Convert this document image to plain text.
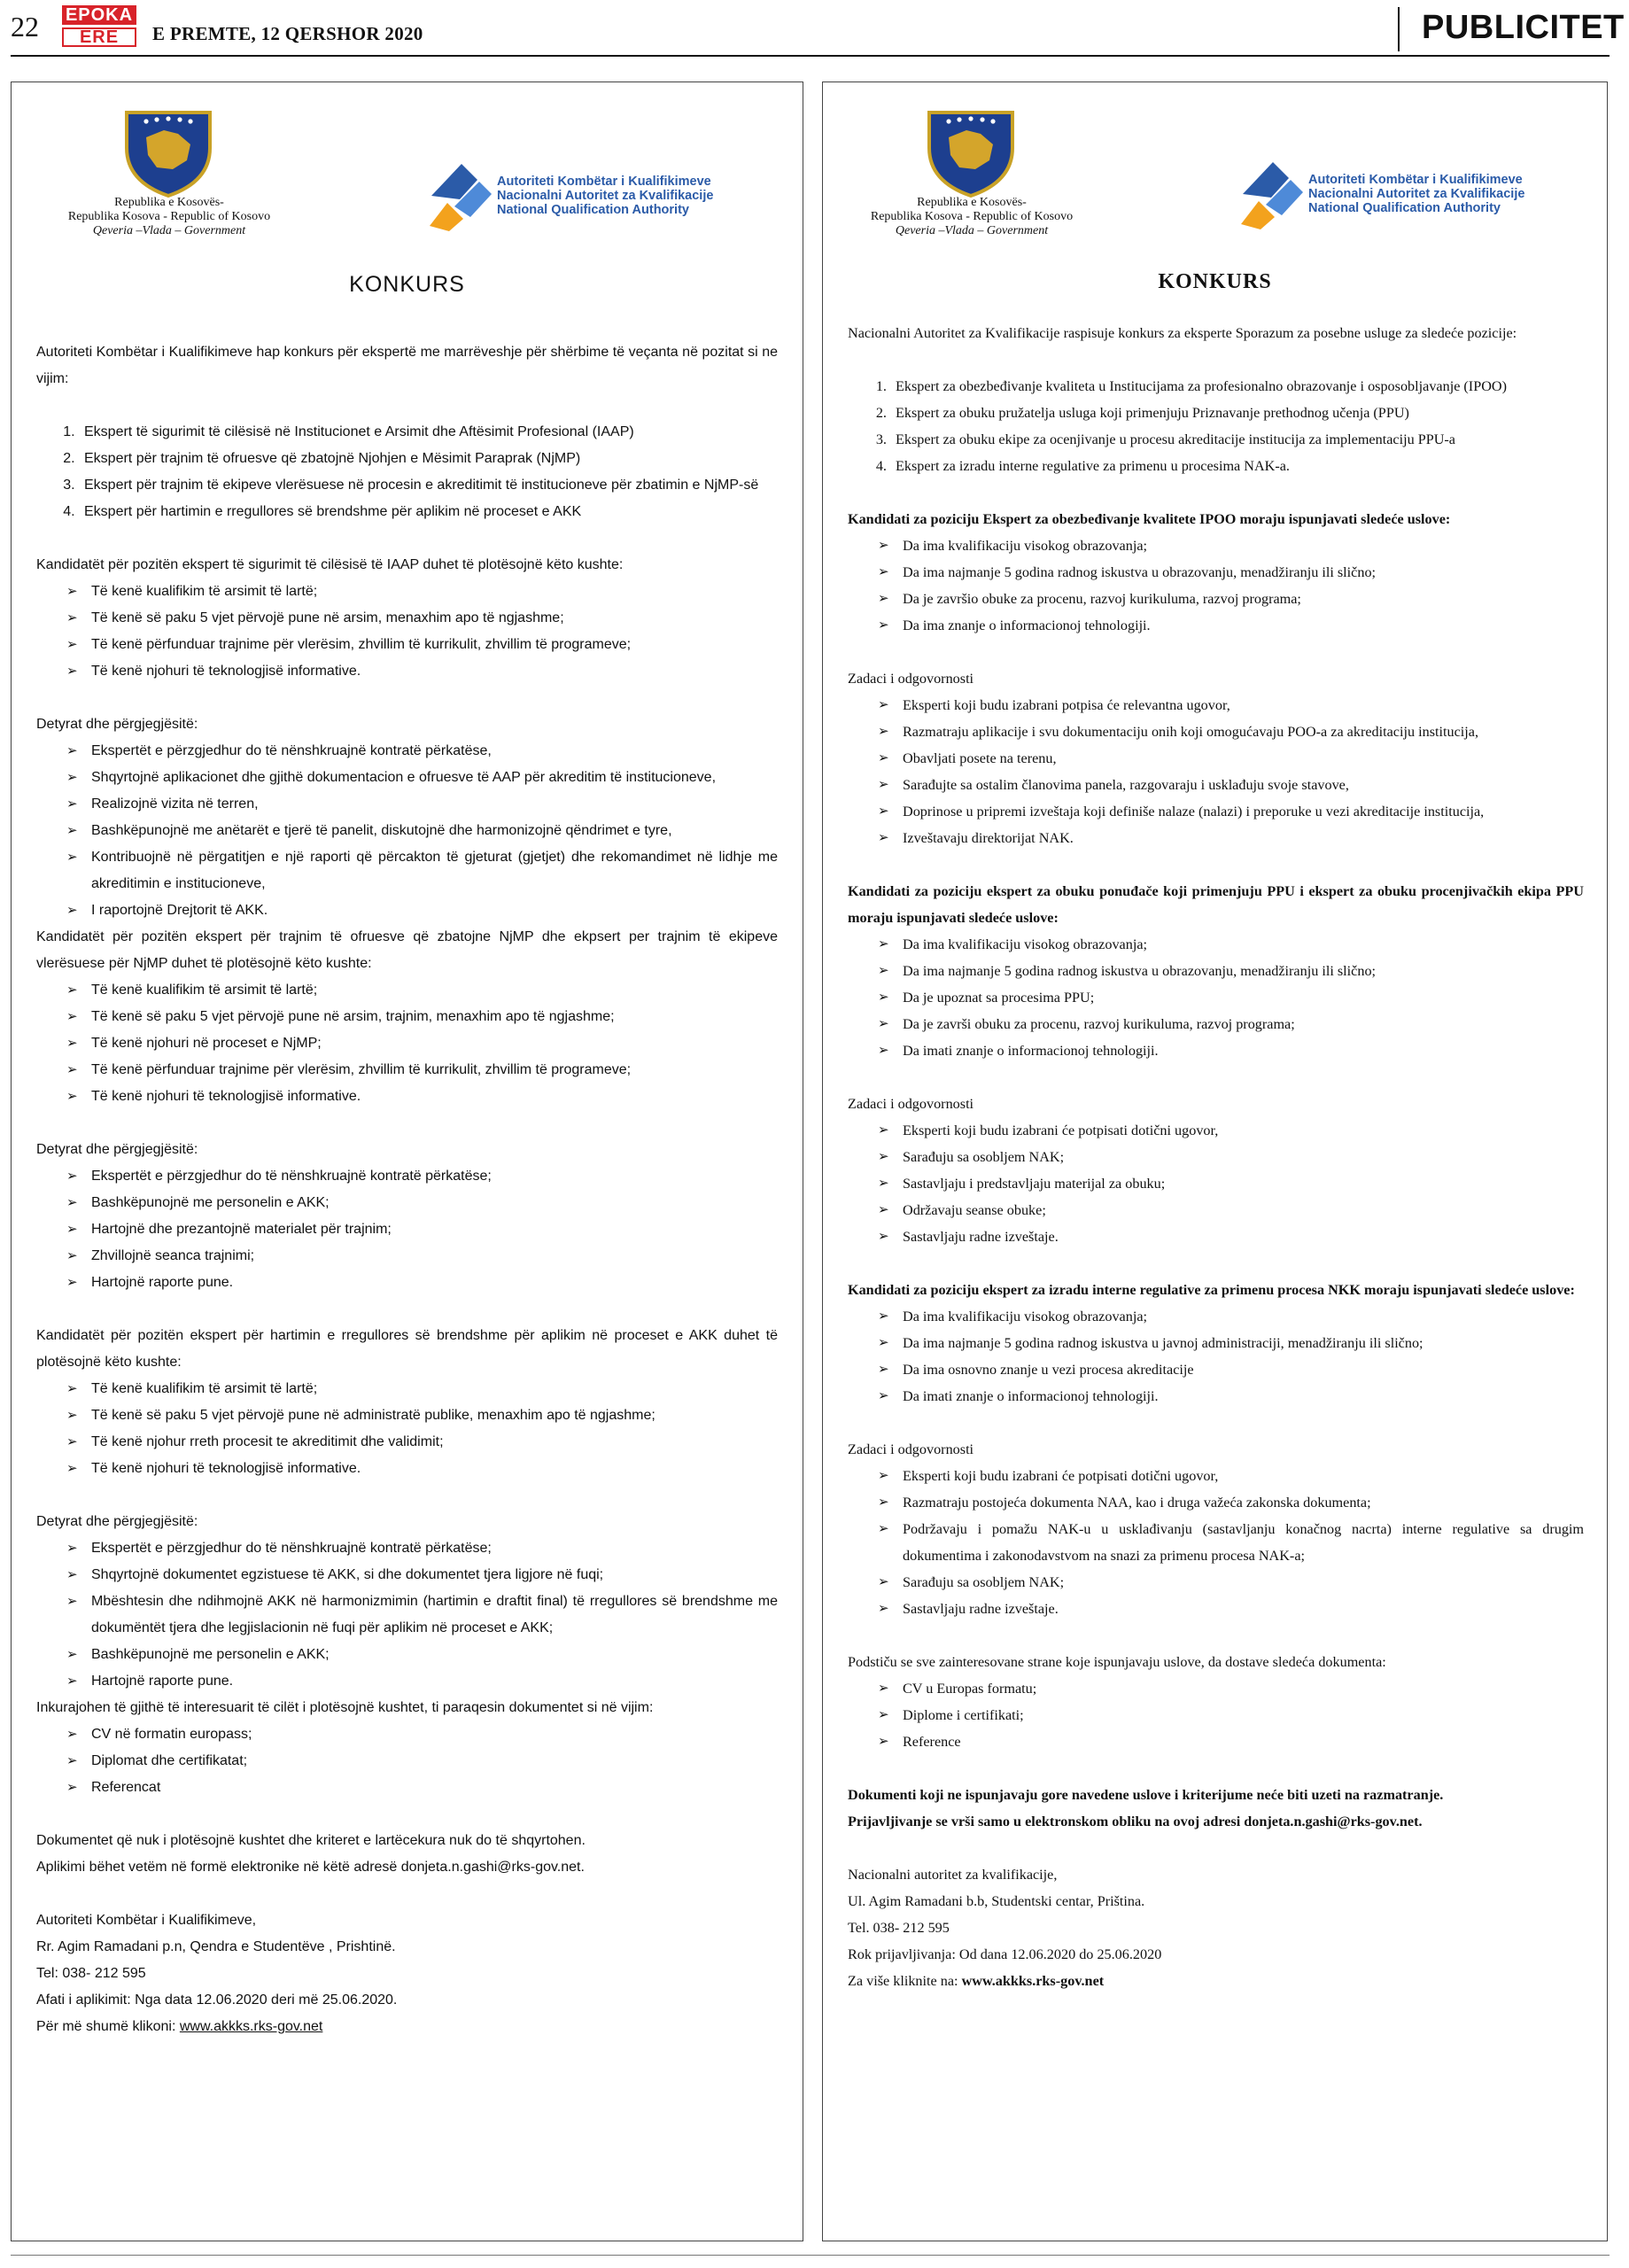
22 EPOKA
ERE	E PREMTE, 12 QERSHOR 2020	PUBLICITET
Republika e Kosovës-
Republika Kosova - Republic of Kosovo
Qeveria –Vlada – Government
Autoriteti Kombëtar i Kualifikimeve
Nacionalni Autoritet za Kvalifikacije
National Qualification Authority
KONKURS

Autoriteti Kombëtar i Kualifikimeve hap konkurs për ekspertë me marrëveshje për shërbime të veçanta në pozitat si ne vijim:

1. Ekspert të sigurimit të cilësisë në Institucionet e Arsimit dhe Aftësimit Profesional (IAAP)
2. Ekspert për trajnim të ofruesve që zbatojnë Njohjen e Mësimit Paraprak (NjMP)
3. Ekspert për trajnim të ekipeve vlerësuese në procesin e akreditimit të institucioneve për zbatimin e NjMP-së
4. Ekspert për hartimin e rregullores së brendshme për aplikim në proceset e AKK

Kandidatët për pozitën ekspert të sigurimit të cilësisë të IAAP duhet të plotësojnë këto kushte:

➢ Të kenë kualifikim të arsimit të lartë;
➢ Të kenë së paku 5 vjet përvojë pune në arsim, menaxhim apo të ngjashme;
➢ Të kenë përfunduar trajnime për vlerësim, zhvillim të kurrikulit, zhvillim të programeve;
➢ Të kenë njohuri të teknologjisë informative.

Detyrat dhe përgjegjësitë:

➢ Ekspertët e përzgjedhur do të nënshkruajnë kontratë përkatëse,
➢ Shqyrtojnë aplikacionet dhe gjithë dokumentacion e ofruesve të AAP për akreditim të institucioneve,
➢ Realizojnë vizita në terren,
➢ Bashkëpunojnë me anëtarët e tjerë të panelit, diskutojnë dhe harmonizojnë qëndrimet e tyre,
➢ Kontribuojnë në përgatitjen e një raporti që përcakton të gjeturat (gjetjet) dhe rekomandimet në lidhje me akreditimin e institucioneve,
➢ I raportojnë Drejtorit të AKK.

Kandidatët për pozitën ekspert për trajnim të ofruesve që zbatojne NjMP dhe ekpsert per trajnim të ekipeve vlerësuese për NjMP duhet të plotësojnë këto kushte:

➢ Të kenë kualifikim të arsimit të lartë;
➢ Të kenë së paku 5 vjet përvojë pune në arsim, trajnim, menaxhim apo të ngjashme;
➢ Të kenë njohuri në proceset e NjMP;
➢ Të kenë përfunduar trajnime për vlerësim, zhvillim të kurrikulit, zhvillim të programeve;
➢ Të kenë njohuri të teknologjisë informative.

Detyrat dhe përgjegjësitë:

➢ Ekspertët e përzgjedhur do të nënshkruajnë kontratë përkatëse;
➢ Bashkëpunojnë me personelin e AKK;
➢ Hartojnë dhe prezantojnë materialet për trajnim;
➢ Zhvillojnë seanca trajnimi;
➢ Hartojnë raporte pune.

Kandidatët për pozitën ekspert për hartimin e rregullores së brendshme për aplikim në proceset e AKK duhet të plotësojnë këto kushte:

➢ Të kenë kualifikim të arsimit të lartë;
➢ Të kenë së paku 5 vjet përvojë pune në administratë publike, menaxhim apo të ngjashme;
➢ Të kenë njohur rreth procesit te akreditimit dhe validimit;
➢ Të kenë njohuri të teknologjisë informative.

Detyrat dhe përgjegjësitë:

➢ Ekspertët e përzgjedhur do të nënshkruajnë kontratë përkatëse;
➢ Shqyrtojnë dokumentet egzistuese të AKK, si dhe dokumentet tjera ligjore në fuqi;
➢ Mbështesin dhe ndihmojnë AKK në harmonizmimin (hartimin e draftit final) të rregullores së brendshme me dokumëntët tjera dhe legjislacionin në fuqi për aplikim në proceset e AKK;
➢ Bashkëpunojnë me personelin e AKK;
➢ Hartojnë raporte pune.

Inkurajohen të gjithë të interesuarit të cilët i plotësojnë kushtet, ti paraqesin dokumentet si në vijim:

➢ CV në formatin europass;
➢ Diplomat dhe certifikatat;
➢ Referencat

Dokumentet që nuk i plotësojnë kushtet dhe kriteret e lartëcekura nuk do të shqyrtohen.

Aplikimi bëhet vetëm në formë elektronike në këtë adresë donjeta.n.gashi@rks-gov.net.

Autoriteti Kombëtar i Kualifikimeve,

Rr. Agim Ramadani p.n, Qendra e Studentëve , Prishtinë.

Tel: 038- 212 595

Afati i aplikimit: Nga data 12.06.2020 deri më 25.06.2020.

Për më shumë klikoni: www.akkks.rks-gov.net

Republika e Kosovës-
Republika Kosova - Republic of Kosovo
Qeveria –Vlada – Government
Autoriteti Kombëtar i Kualifikimeve
Nacionalni Autoritet za Kvalifikacije
National Qualification Authority
KONKURS

Nacionalni Autoritet za Kvalifikacije raspisuje konkurs za eksperte Sporazum za posebne usluge za sledeće pozicije:

1. Ekspert za obezbeđivanje kvaliteta u Institucijama za profesionalno obrazovanje i osposobljavanje (IPOO)
2. Ekspert za obuku pružatelja usluga koji primenjuju Priznavanje prethodnog učenja (PPU)
3. Ekspert za obuku ekipe za ocenjivanje u procesu akreditacije institucija za implementaciju PPU-a
4. Ekspert za izradu interne regulative za primenu u procesima NAK-a.

Kandidati za poziciju Ekspert za obezbeđivanje kvalitete IPOO moraju ispunjavati sledeće uslove:

➢ Da ima kvalifikaciju visokog obrazovanja;
➢ Da ima najmanje 5 godina radnog iskustva u obrazovanju, menadžiranju ili slično;
➢ Da je završio obuke za procenu, razvoj kurikuluma, razvoj programa;
➢ Da ima znanje o informacionoj tehnologiji.

Zadaci i odgovornosti

➢ Eksperti koji budu izabrani potpisa će relevantna ugovor,
➢ Razmatraju aplikacije i svu dokumentaciju onih koji omogućavaju POO-a za akreditaciju institucija,
➢ Obavljati posete na terenu,
➢ Sarađujte sa ostalim članovima panela, razgovaraju i usklađuju svoje stavove,
➢ Doprinose u pripremi izveštaja koji definiše nalaze (nalazi) i preporuke u vezi akreditacije institucija,
➢ Izveštavaju direktorijat NAK.

Kandidati za poziciju ekspert za obuku ponuđače koji primenjuju PPU i ekspert za obuku procenjivačkih ekipa PPU moraju ispunjavati sledeće uslove:

➢ Da ima kvalifikaciju visokog obrazovanja;
➢ Da ima najmanje 5 godina radnog iskustva u obrazovanju, menadžiranju ili slično;
➢ Da je upoznat sa procesima PPU;
➢ Da je završi obuku za procenu, razvoj kurikuluma, razvoj programa;
➢ Da imati znanje o informacionoj tehnologiji.

Zadaci i odgovornosti

➢ Eksperti koji budu izabrani će potpisati dotični ugovor,
➢ Sarađuju sa osobljem NAK;
➢ Sastavljaju i predstavljaju materijal za obuku;
➢ Održavaju seanse obuke;
➢ Sastavljaju radne izveštaje.

Kandidati za poziciju ekspert za izradu interne regulative za primenu procesa NKK moraju ispunjavati sledeće uslove:

➢ Da ima kvalifikaciju visokog obrazovanja;
➢ Da ima najmanje 5 godina radnog iskustva u javnoj administraciji, menadžiranju ili slično;
➢ Da ima osnovno znanje u vezi procesa akreditacije
➢ Da imati znanje o informacionoj tehnologiji.

Zadaci i odgovornosti

➢ Eksperti koji budu izabrani će potpisati dotični ugovor,
➢ Razmatraju postojeća dokumenta NAA, kao i druga važeća zakonska dokumenta;
➢ Podržavaju i pomažu NAK-u u usklađivanju (sastavljanju konačnog nacrta) interne regulative sa drugim dokumentima i zakonodavstvom na snazi za primenu procesa NAK-a;
➢ Sarađuju sa osobljem NAK;
➢ Sastavljaju radne izveštaje.

Podstiču se sve zainteresovane strane koje ispunjavaju uslove, da dostave sledeća dokumenta:

➢ CV u Europas formatu;
➢ Diplome i certifikati;
➢ Reference

Dokumenti koji ne ispunjavaju gore navedene uslove i kriterijume neće biti uzeti na razmatranje.

Prijavljivanje se vrši samo u elektronskom obliku na ovoj adresi donjeta.n.gashi@rks-gov.net.

Nacionalni autoritet za kvalifikacije,

Ul. Agim Ramadani b.b, Studentski centar, Priština.

Tel. 038- 212 595

Rok prijavljivanja: Od dana 12.06.2020 do 25.06.2020

Za više kliknite na: www.akkks.rks-gov.net
